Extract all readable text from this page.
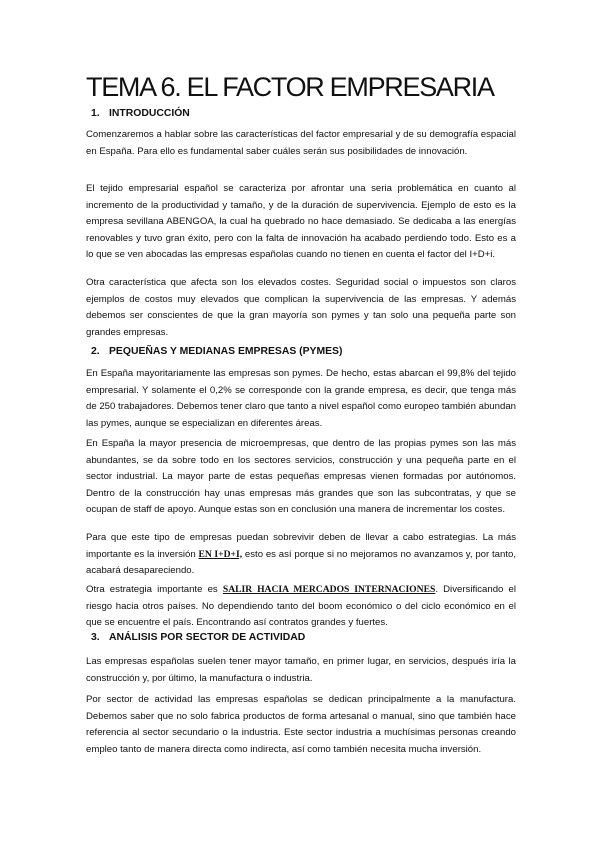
TEMA 6. EL FACTOR EMPRESARIA
1. INTRODUCCIÓN
Comenzaremos a hablar sobre las características del factor empresarial y de su demografía espacial en España. Para ello es fundamental saber cuáles serán sus posibilidades de innovación.
El tejido empresarial español se caracteriza por afrontar una seria problemática en cuanto al incremento de la productividad y tamaño, y de la duración de supervivencia. Ejemplo de esto es la empresa sevillana ABENGOA, la cual ha quebrado no hace demasiado. Se dedicaba a las energías renovables y tuvo gran éxito, pero con la falta de innovación ha acabado perdiendo todo. Esto es a lo que se ven abocadas las empresas españolas cuando no tienen en cuenta el factor del I+D+i.
Otra característica que afecta son los elevados costes. Seguridad social o impuestos son claros ejemplos de costos muy elevados que complican la supervivencia de las empresas. Y además debemos ser conscientes de que la gran mayoría son pymes y tan solo una pequeña parte son grandes empresas.
2. PEQUEÑAS Y MEDIANAS EMPRESAS (PYMES)
En España mayoritariamente las empresas son pymes. De hecho, estas abarcan el 99,8% del tejido empresarial. Y solamente el 0,2% se corresponde con la grande empresa, es decir, que tenga más de 250 trabajadores. Debemos tener claro que tanto a nivel español como europeo también abundan las pymes, aunque se especializan en diferentes áreas.
En España la mayor presencia de microempresas, que dentro de las propias pymes son las más abundantes, se da sobre todo en los sectores servicios, construcción y una pequeña parte en el sector industrial. La mayor parte de estas pequeñas empresas vienen formadas por autónomos. Dentro de la construcción hay unas empresas más grandes que son las subcontratas, y que se ocupan de staff de apoyo. Aunque estas son en conclusión una manera de incrementar los costes.
Para que este tipo de empresas puedan sobrevivir deben de llevar a cabo estrategias. La más importante es la inversión EN I+D+I, esto es así porque si no mejoramos no avanzamos y, por tanto, acabará desapareciendo.
Otra estrategia importante es SALIR HACIA MERCADOS INTERNACIONES. Diversificando el riesgo hacia otros países. No dependiendo tanto del boom económico o del ciclo económico en el que se encuentre el país. Encontrando así contratos grandes y fuertes.
3. ANÁLISIS POR SECTOR DE ACTIVIDAD
Las empresas españolas suelen tener mayor tamaño, en primer lugar, en servicios, después iría la construcción y, por último, la manufactura o industria.
Por sector de actividad las empresas españolas se dedican principalmente a la manufactura. Debemos saber que no solo fabrica productos de forma artesanal o manual, sino que también hace referencia al sector secundario o la industria. Este sector industria a muchísimas personas creando empleo tanto de manera directa como indirecta, así como también necesita mucha inversión.
